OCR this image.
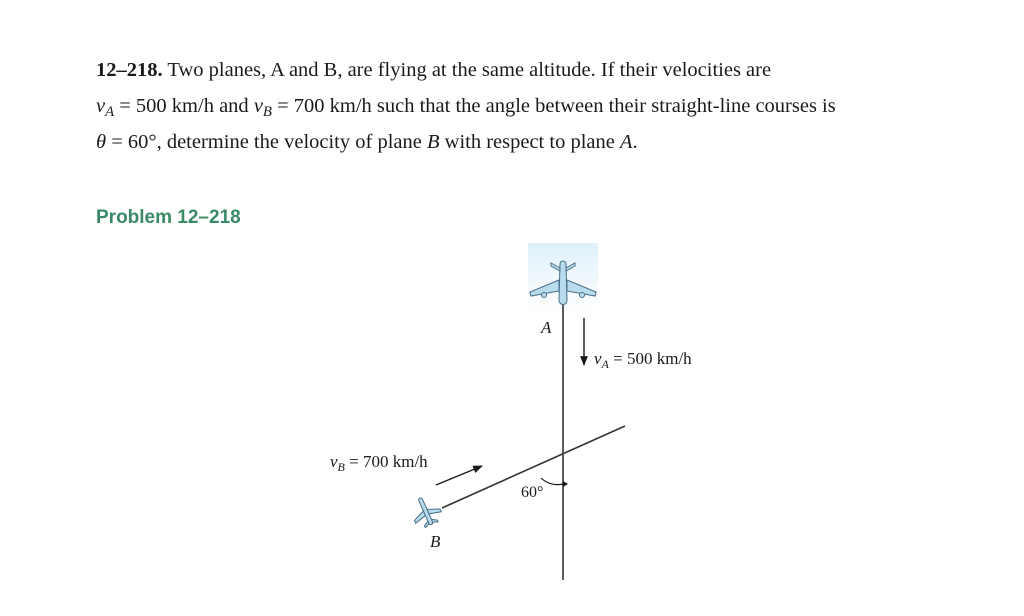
12–218. Two planes, A and B, are flying at the same altitude. If their velocities are

$v_A = 500$ km/h and $v_B = 700$ km/h such that the angle between their straight-line courses is

θ = 60°, determine the velocity of plane B with respect to plane A.

Problem 12–218
A
B
$v_A = 500$ km/h
$v_B = 700$ km/h
60°
